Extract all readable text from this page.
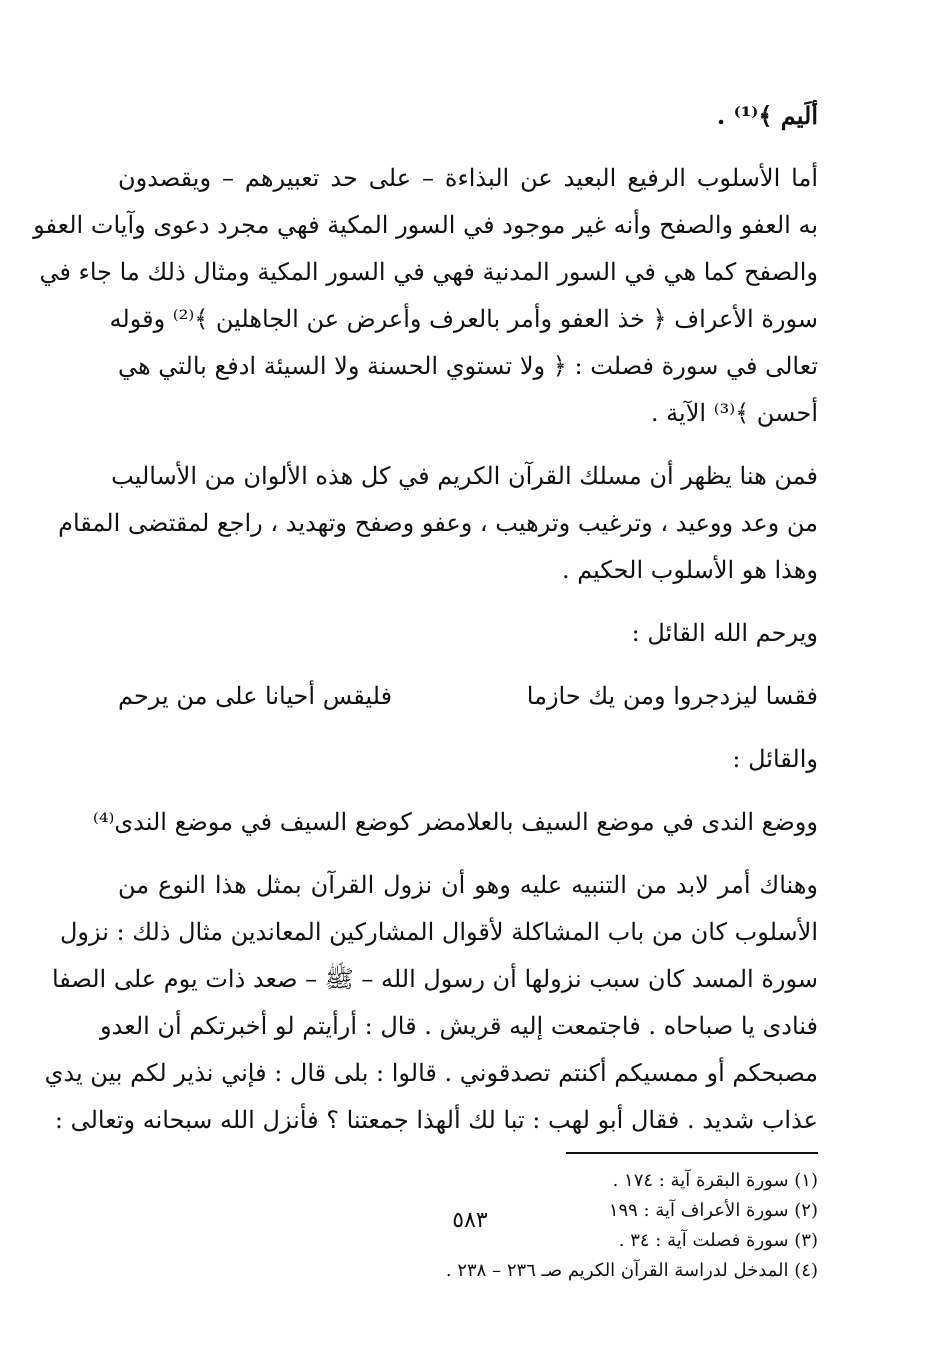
ألَيم ﴾⁽¹⁾ .
أما الأسلوب الرفيع البعيد عن البذاءة – على حد تعبيرهم – ويقصدون
به العفو والصفح وأنه غير موجود في السور المكية فهي مجرد دعوى وآيات العفو
والصفح كما هي في السور المدنية فهي في السور المكية ومثال ذلك ما جاء في
سورة الأعراف ﴿ خذ العفو وأمر بالعرف وأعرض عن الجاهلين ﴾⁽²⁾ وقوله
تعالى في سورة فصلت : ﴿ ولا تستوي الحسنة ولا السيئة ادفع بالتي هي
أحسن ﴾⁽³⁾ الآية .
فمن هنا يظهر أن مسلك القرآن الكريم في كل هذه الألوان من الأساليب
من وعد ووعيد ، وترغيب وترهيب ، وعفو وصفح وتهديد ، راجع لمقتضى المقام
وهذا هو الأسلوب الحكيم .
ويرحم الله القائل :
فقسا ليزدجروا ومن يك حازما
فليقس أحيانا على من يرحم
والقائل :
ووضع الندى في موضع السيف بالعلا
مضر كوضع السيف في موضع الندى⁽⁴⁾
وهناك أمر لابد من التنبيه عليه وهو أن نزول القرآن بمثل هذا النوع من
الأسلوب كان من باب المشاكلة لأقوال المشاركين المعاندين مثال ذلك : نزول
سورة المسد كان سبب نزولها أن رسول الله – ﷺ – صعد ذات يوم على الصفا
فنادى يا صباحاه . فاجتمعت إليه قريش . قال : أرأيتم لو أخبرتكم أن العدو
مصبحكم أو ممسيكم أكنتم تصدقوني . قالوا : بلى قال : فإني نذير لكم بين يدي
عذاب شديد . فقال أبو لهب : تبا لك ألهذا جمعتنا ؟ فأنزل الله سبحانه وتعالى :
(١) سورة البقرة آية : ١٧٤ .
(٢) سورة الأعراف آية : ١٩٩
(٣) سورة فصلت آية : ٣٤ .
(٤) المدخل لدراسة القرآن الكريم صـ ٢٣٦ – ٢٣٨ .
٥٨٣
